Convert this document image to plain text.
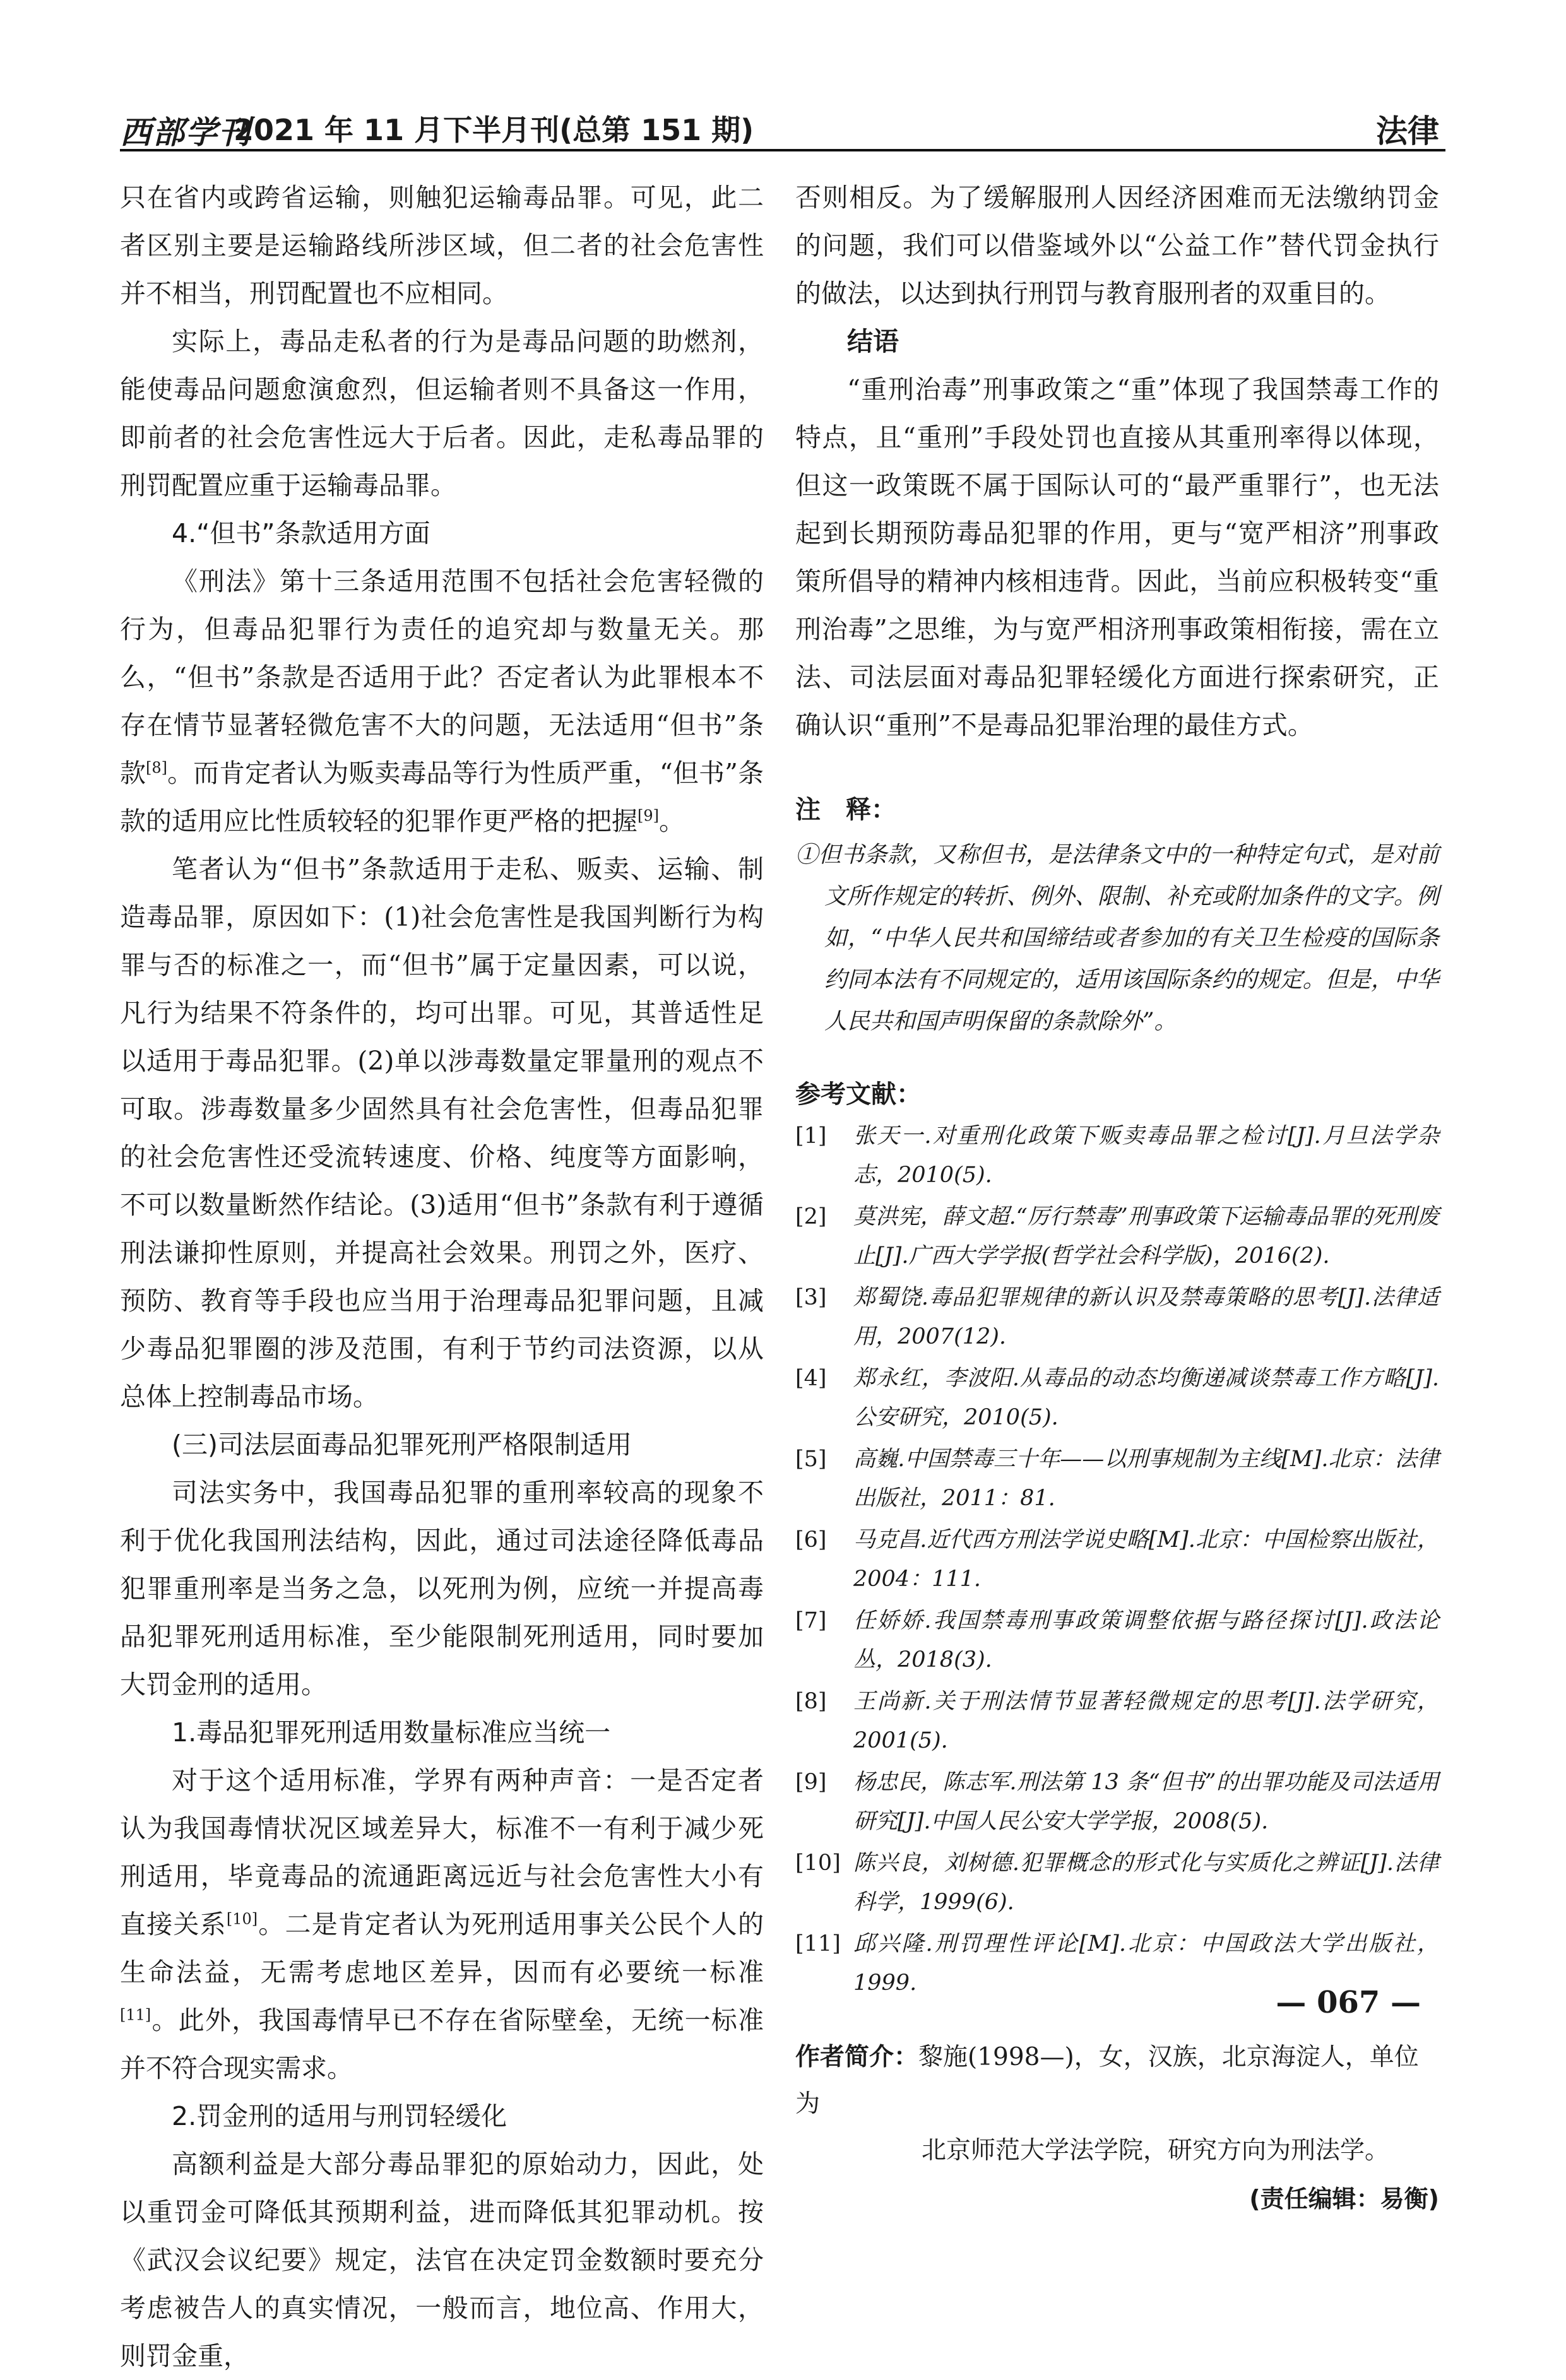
西部学刊
2021 年 11 月下半月刊(总第 151 期)	法律

只在省内或跨省运输，则触犯运输毒品罪。可见，此二者区别主要是运输路线所涉区域，但二者的社会危害性并不相当，刑罚配置也不应相同。

实际上，毒品走私者的行为是毒品问题的助燃剂，能使毒品问题愈演愈烈，但运输者则不具备这一作用，即前者的社会危害性远大于后者。因此，走私毒品罪的刑罚配置应重于运输毒品罪。

4.“但书”条款适用方面

《刑法》第十三条适用范围不包括社会危害轻微的行为，但毒品犯罪行为责任的追究却与数量无关。那么，“但书”条款是否适用于此？否定者认为此罪根本不存在情节显著轻微危害不大的问题，无法适用“但书”条款[8]。而肯定者认为贩卖毒品等行为性质严重，“但书”条款的适用应比性质较轻的犯罪作更严格的把握[9]。

笔者认为“但书”条款适用于走私、贩卖、运输、制造毒品罪，原因如下：(1)社会危害性是我国判断行为构罪与否的标准之一，而“但书”属于定量因素，可以说，凡行为结果不符条件的，均可出罪。可见，其普适性足以适用于毒品犯罪。(2)单以涉毒数量定罪量刑的观点不可取。涉毒数量多少固然具有社会危害性，但毒品犯罪的社会危害性还受流转速度、价格、纯度等方面影响，不可以数量断然作结论。(3)适用“但书”条款有利于遵循刑法谦抑性原则，并提高社会效果。刑罚之外，医疗、预防、教育等手段也应当用于治理毒品犯罪问题，且减少毒品犯罪圈的涉及范围，有利于节约司法资源，以从总体上控制毒品市场。

(三)司法层面毒品犯罪死刑严格限制适用

司法实务中，我国毒品犯罪的重刑率较高的现象不利于优化我国刑法结构，因此，通过司法途径降低毒品犯罪重刑率是当务之急，以死刑为例，应统一并提高毒品犯罪死刑适用标准，至少能限制死刑适用，同时要加大罚金刑的适用。

1.毒品犯罪死刑适用数量标准应当统一

对于这个适用标准，学界有两种声音：一是否定者认为我国毒情状况区域差异大，标准不一有利于减少死刑适用，毕竟毒品的流通距离远近与社会危害性大小有直接关系[10]。二是肯定者认为死刑适用事关公民个人的生命法益，无需考虑地区差异，因而有必要统一标准[11]。此外，我国毒情早已不存在省际壁垒，无统一标准并不符合现实需求。

2.罚金刑的适用与刑罚轻缓化

高额利益是大部分毒品罪犯的原始动力，因此，处以重罚金可降低其预期利益，进而降低其犯罪动机。按《武汉会议纪要》规定，法官在决定罚金数额时要充分考虑被告人的真实情况，一般而言，地位高、作用大，则罚金重，

否则相反。为了缓解服刑人因经济困难而无法缴纳罚金的问题，我们可以借鉴域外以“公益工作”替代罚金执行的做法，以达到执行刑罚与教育服刑者的双重目的。

结语

“重刑治毒”刑事政策之“重”体现了我国禁毒工作的特点，且“重刑”手段处罚也直接从其重刑率得以体现，但这一政策既不属于国际认可的“最严重罪行”，也无法起到长期预防毒品犯罪的作用，更与“宽严相济”刑事政策所倡导的精神内核相违背。因此，当前应积极转变“重刑治毒”之思维，为与宽严相济刑事政策相衔接，需在立法、司法层面对毒品犯罪轻缓化方面进行探索研究，正确认识“重刑”不是毒品犯罪治理的最佳方式。

注　释：

①但书条款，又称但书，是法律条文中的一种特定句式，是对前文所作规定的转折、例外、限制、补充或附加条件的文字。例如，“中华人民共和国缔结或者参加的有关卫生检疫的国际条约同本法有不同规定的，适用该国际条约的规定。但是，中华人民共和国声明保留的条款除外”。

参考文献：
[1]	张天一.对重刑化政策下贩卖毒品罪之检讨[J].月旦法学杂志，2010(5).
[2]	莫洪宪，薛文超.“厉行禁毒”刑事政策下运输毒品罪的死刑废止[J].广西大学学报(哲学社会科学版)，2016(2).
[3]	郑蜀饶.毒品犯罪规律的新认识及禁毒策略的思考[J].法律适用，2007(12).
[4]	郑永红，李波阳.从毒品的动态均衡递减谈禁毒工作方略[J].公安研究，2010(5).
[5]	高巍.中国禁毒三十年——以刑事规制为主线[M].北京：法律出版社，2011：81.
[6]	马克昌.近代西方刑法学说史略[M].北京：中国检察出版社，2004：111.
[7]	任娇娇.我国禁毒刑事政策调整依据与路径探讨[J].政法论丛，2018(3).
[8]	王尚新.关于刑法情节显著轻微规定的思考[J].法学研究，2001(5).
[9]	杨忠民，陈志军.刑法第 13 条“但书”的出罪功能及司法适用研究[J].中国人民公安大学学报，2008(5).
[10] 陈兴良，刘树德.犯罪概念的形式化与实质化之辨证[J].法律科学，1999(6).
[11] 邱兴隆.刑罚理性评论[M].北京：中国政法大学出版社，1999.
作者简介：黎施(1998—)，女，汉族，北京海淀人，单位为
北京师范大学法学院，研究方向为刑法学。
(责任编辑：易衡)
— 067 —
